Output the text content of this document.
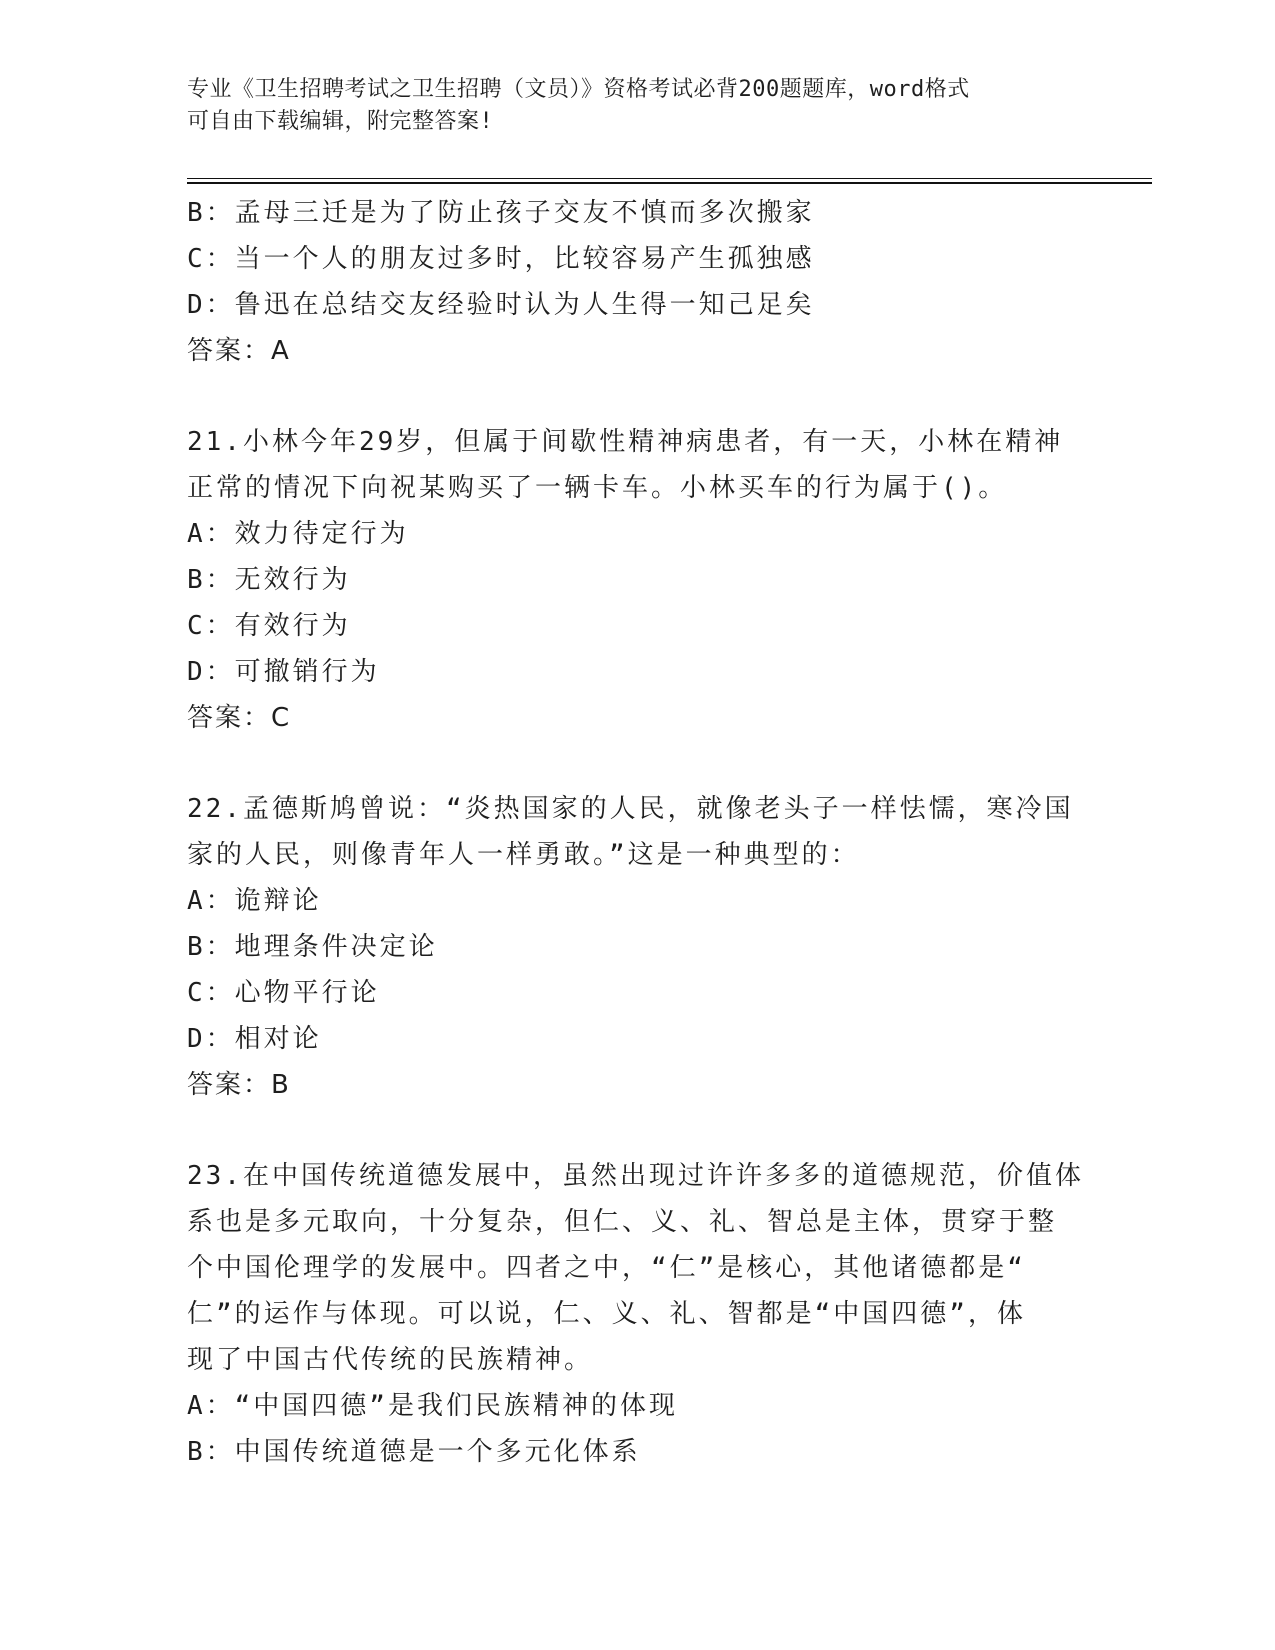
专业《卫生招聘考试之卫生招聘（文员）》资格考试必背200题题库，word格式
可自由下载编辑，附完整答案!
B：孟母三迁是为了防止孩子交友不慎而多次搬家
C：当一个人的朋友过多时，比较容易产生孤独感
D：鲁迅在总结交友经验时认为人生得一知己足矣
答案：A
21.小林今年29岁，但属于间歇性精神病患者，有一天，小林在精神
正常的情况下向祝某购买了一辆卡车。小林买车的行为属于()。
A：效力待定行为
B：无效行为
C：有效行为
D：可撤销行为
答案：C
22.孟德斯鸠曾说：“炎热国家的人民，就像老头子一样怯懦，寒冷国
家的人民，则像青年人一样勇敢。”这是一种典型的：
A：诡辩论
B：地理条件决定论
C：心物平行论
D：相对论
答案：B
23.在中国传统道德发展中，虽然出现过许许多多的道德规范，价值体
系也是多元取向，十分复杂，但仁、义、礼、智总是主体，贯穿于整
个中国伦理学的发展中。四者之中，“仁”是核心，其他诸德都是“
仁”的运作与体现。可以说，仁、义、礼、智都是“中国四德”，体
现了中国古代传统的民族精神。
A：“中国四德”是我们民族精神的体现
B：中国传统道德是一个多元化体系
